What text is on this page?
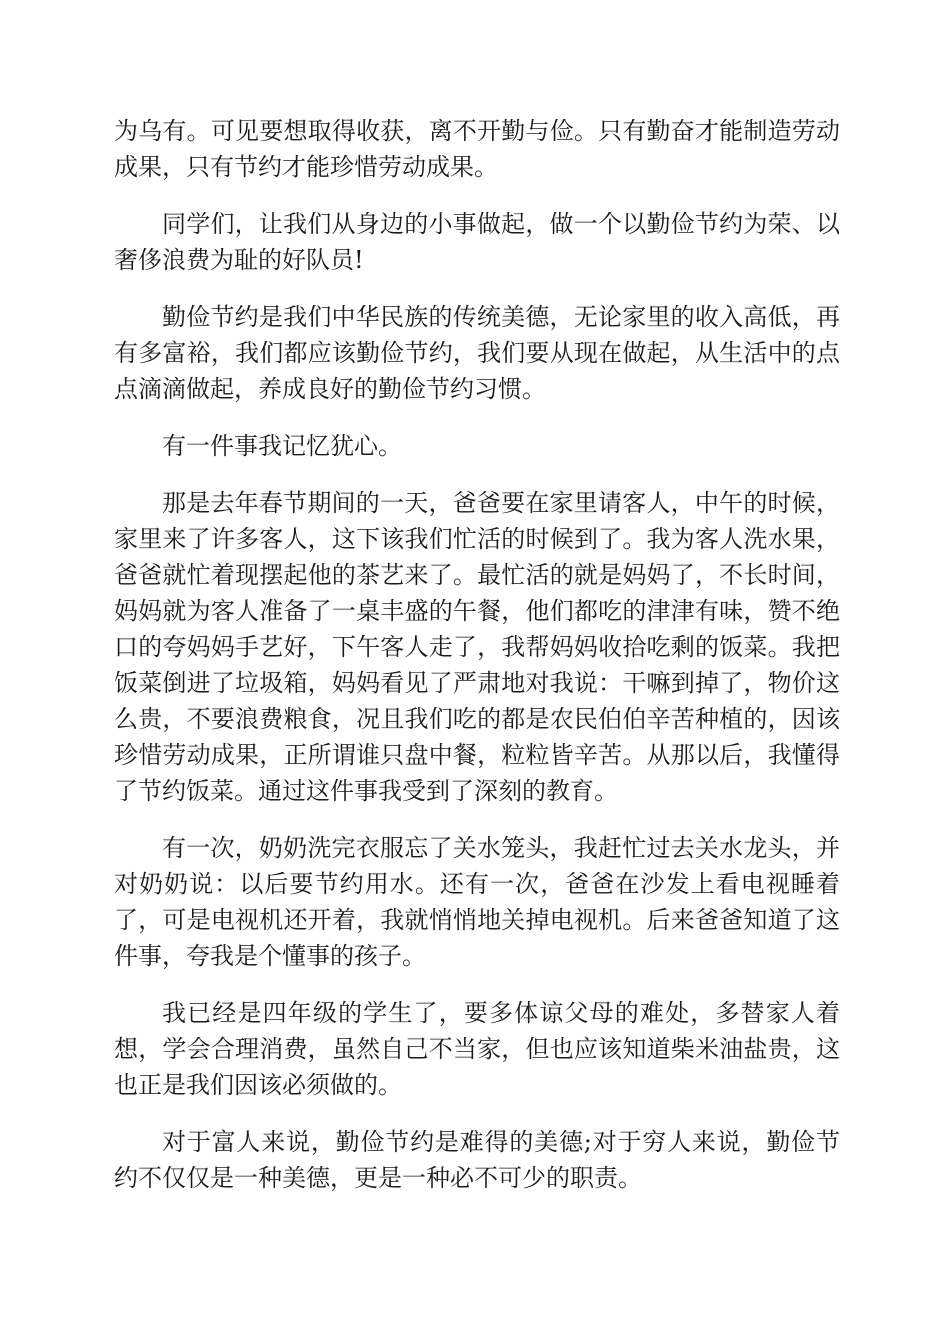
为乌有。可见要想取得收获，离不开勤与俭。只有勤奋才能制造劳动成果，只有节约才能珍惜劳动成果。

同学们，让我们从身边的小事做起，做一个以勤俭节约为荣、以奢侈浪费为耻的好队员!

勤俭节约是我们中华民族的传统美德，无论家里的收入高低，再有多富裕，我们都应该勤俭节约，我们要从现在做起，从生活中的点点滴滴做起，养成良好的勤俭节约习惯。

有一件事我记忆犹心。

那是去年春节期间的一天，爸爸要在家里请客人，中午的时候，家里来了许多客人，这下该我们忙活的时候到了。我为客人洗水果，爸爸就忙着现摆起他的茶艺来了。最忙活的就是妈妈了，不长时间，妈妈就为客人准备了一桌丰盛的午餐，他们都吃的津津有味，赞不绝口的夸妈妈手艺好，下午客人走了，我帮妈妈收拾吃剩的饭菜。我把饭菜倒进了垃圾箱，妈妈看见了严肃地对我说：干嘛到掉了，物价这么贵，不要浪费粮食，况且我们吃的都是农民伯伯辛苦种植的，因该珍惜劳动成果，正所谓谁只盘中餐，粒粒皆辛苦。从那以后，我懂得了节约饭菜。通过这件事我受到了深刻的教育。

有一次，奶奶洗完衣服忘了关水笼头，我赶忙过去关水龙头，并对奶奶说：以后要节约用水。还有一次，爸爸在沙发上看电视睡着了，可是电视机还开着，我就悄悄地关掉电视机。后来爸爸知道了这件事，夸我是个懂事的孩子。

我已经是四年级的学生了，要多体谅父母的难处，多替家人着想，学会合理消费，虽然自己不当家，但也应该知道柴米油盐贵，这也正是我们因该必须做的。

对于富人来说，勤俭节约是难得的美德;对于穷人来说，勤俭节约不仅仅是一种美德，更是一种必不可少的职责。
